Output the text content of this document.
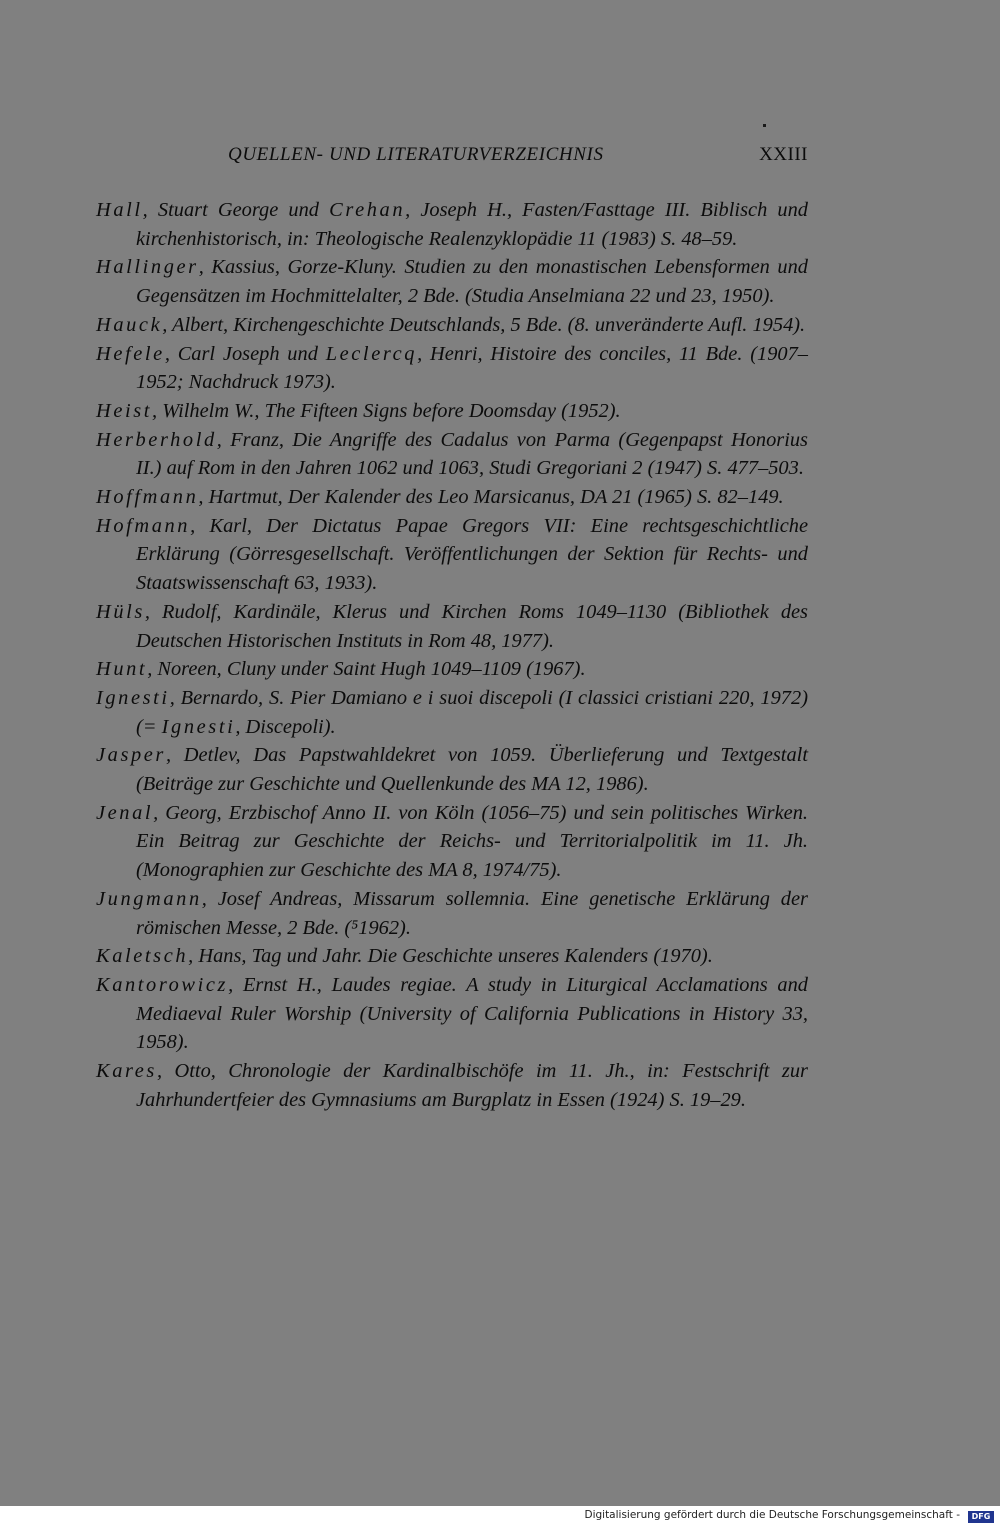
QUELLEN- UND LITERATURVERZEICHNIS	XXIII

Hall, Stuart George und Crehan, Joseph H., Fasten/Fasttage III. Biblisch und kirchenhistorisch, in: Theologische Realenzyklopädie 11 (1983) S. 48–59.

Hallinger, Kassius, Gorze-Kluny. Studien zu den monastischen Lebensformen und Gegensätzen im Hochmittelalter, 2 Bde. (Studia Anselmiana 22 und 23, 1950).

Hauck, Albert, Kirchengeschichte Deutschlands, 5 Bde. (8. unveränderte Aufl. 1954).

Hefele, Carl Joseph und Leclercq, Henri, Histoire des conciles, 11 Bde. (1907–1952; Nachdruck 1973).

Heist, Wilhelm W., The Fifteen Signs before Doomsday (1952).

Herberhold, Franz, Die Angriffe des Cadalus von Parma (Gegenpapst Honorius II.) auf Rom in den Jahren 1062 und 1063, Studi Gregoriani 2 (1947) S. 477–503.

Hoffmann, Hartmut, Der Kalender des Leo Marsicanus, DA 21 (1965) S. 82–149.

Hofmann, Karl, Der Dictatus Papae Gregors VII: Eine rechtsgeschichtliche Erklärung (Görresgesellschaft. Veröffentlichungen der Sektion für Rechts- und Staatswissenschaft 63, 1933).

Hüls, Rudolf, Kardinäle, Klerus und Kirchen Roms 1049–1130 (Bibliothek des Deutschen Historischen Instituts in Rom 48, 1977).

Hunt, Noreen, Cluny under Saint Hugh 1049–1109 (1967).

Ignesti, Bernardo, S. Pier Damiano e i suoi discepoli (I classici cristiani 220, 1972) (= Ignesti, Discepoli).

Jasper, Detlev, Das Papstwahldekret von 1059. Überlieferung und Textgestalt (Beiträge zur Geschichte und Quellenkunde des MA 12, 1986).

Jenal, Georg, Erzbischof Anno II. von Köln (1056–75) und sein politisches Wirken. Ein Beitrag zur Geschichte der Reichs- und Territorialpolitik im 11. Jh. (Monographien zur Geschichte des MA 8, 1974/75).

Jungmann, Josef Andreas, Missarum sollemnia. Eine genetische Erklärung der römischen Messe, 2 Bde. (⁵1962).

Kaletsch, Hans, Tag und Jahr. Die Geschichte unseres Kalenders (1970).

Kantorowicz, Ernst H., Laudes regiae. A study in Liturgical Acclamations and Mediaeval Ruler Worship (University of California Publications in History 33, 1958).

Kares, Otto, Chronologie der Kardinalbischöfe im 11. Jh., in: Festschrift zur Jahrhundertfeier des Gymnasiums am Burgplatz in Essen (1924) S. 19–29.

Digitalisierung gefördert durch die Deutsche Forschungsgemeinschaft -	DFG
